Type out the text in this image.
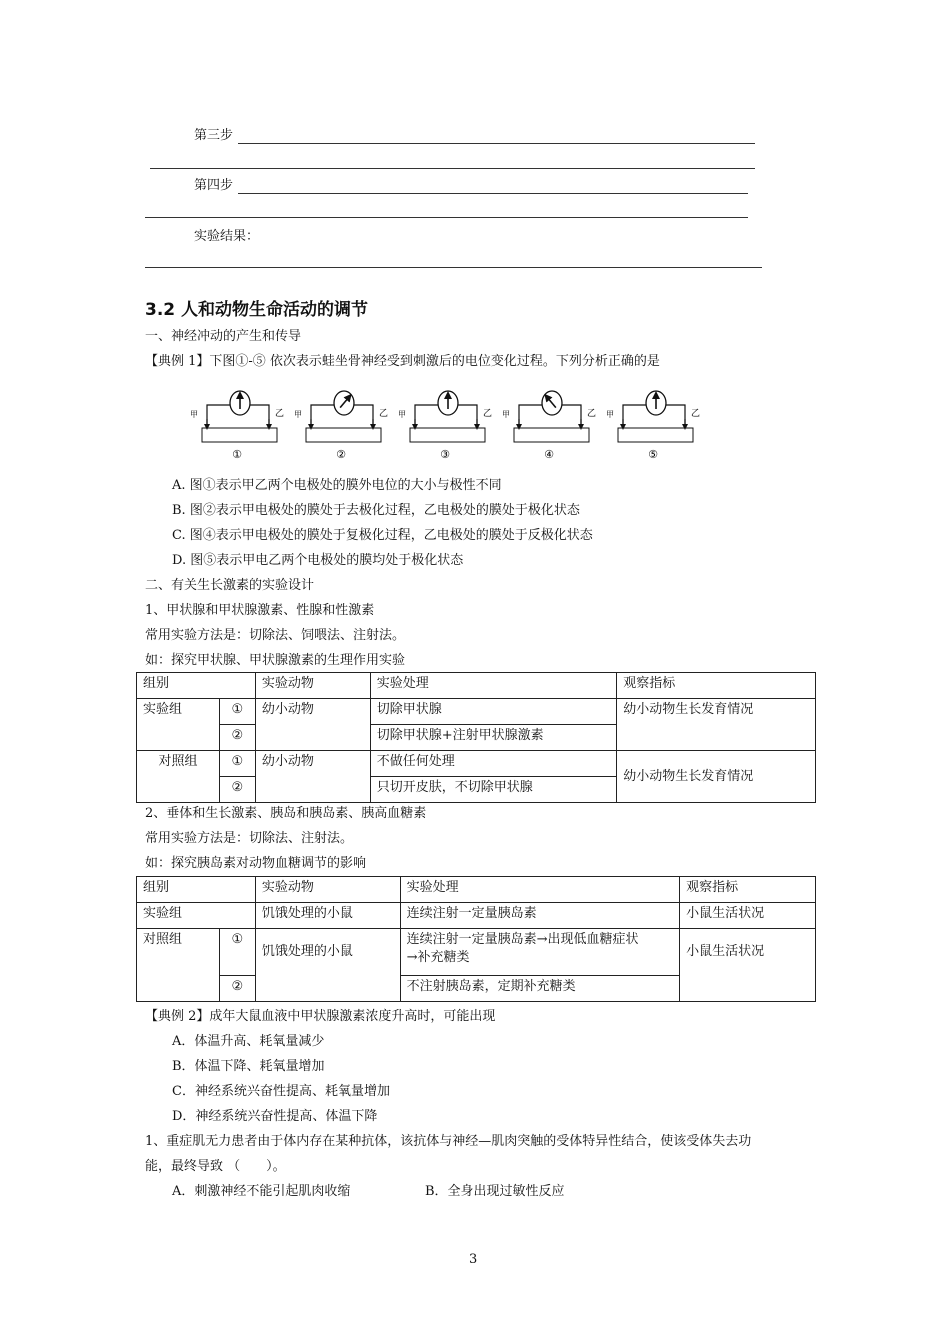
第三步
第四步
实验结果：
3.2 人和动物生命活动的调节
一、神经冲动的产生和传导
【典例 1】下图①-⑤ 依次表示蛙坐骨神经受到刺激后的电位变化过程。下列分析正确的是
甲	乙
①
甲	乙
②
甲	乙
③
甲	乙
④
甲	乙
⑤
A. 图①表示甲乙两个电极处的膜外电位的大小与极性不同
B. 图②表示甲电极处的膜处于去极化过程，乙电极处的膜处于极化状态
C. 图④表示甲电极处的膜处于复极化过程，乙电极处的膜处于反极化状态
D. 图⑤表示甲电乙两个电极处的膜均处于极化状态
二、有关生长激素的实验设计
1、甲状腺和甲状腺激素、性腺和性激素
常用实验方法是：切除法、饲喂法、注射法。
如：探究甲状腺、甲状腺激素的生理作用实验
组别		实验动物	实验处理	观察指标
实验组	①	幼小动物	切除甲状腺	幼小动物生长发育情况
	②		切除甲状腺+注射甲状腺激素	
对照组	①	幼小动物	不做任何处理	幼小动物生长发育情况
	②		只切开皮肤，不切除甲状腺	
2、垂体和生长激素、胰岛和胰岛素、胰高血糖素
常用实验方法是：切除法、注射法。
如：探究胰岛素对动物血糖调节的影响
组别		实验动物	实验处理	观察指标
实验组		饥饿处理的小鼠	连续注射一定量胰岛素	小鼠生活状况
对照组	①	饥饿处理的小鼠	连续注射一定量胰岛素→出现低血糖症状
→补充糖类	小鼠生活状况
	②		不注射胰岛素，定期补充糖类	
【典例 2】成年大鼠血液中甲状腺激素浓度升高时，可能出现
A．体温升高、耗氧量减少
B．体温下降、耗氧量增加
C．神经系统兴奋性提高、耗氧量增加
D．神经系统兴奋性提高、体温下降
1、重症肌无力患者由于体内存在某种抗体，该抗体与神经—肌肉突触的受体特异性结合，使该受体失去功
能，最终导致 （　　）。
A．刺激神经不能引起肌肉收缩	B．全身出现过敏性反应
3
